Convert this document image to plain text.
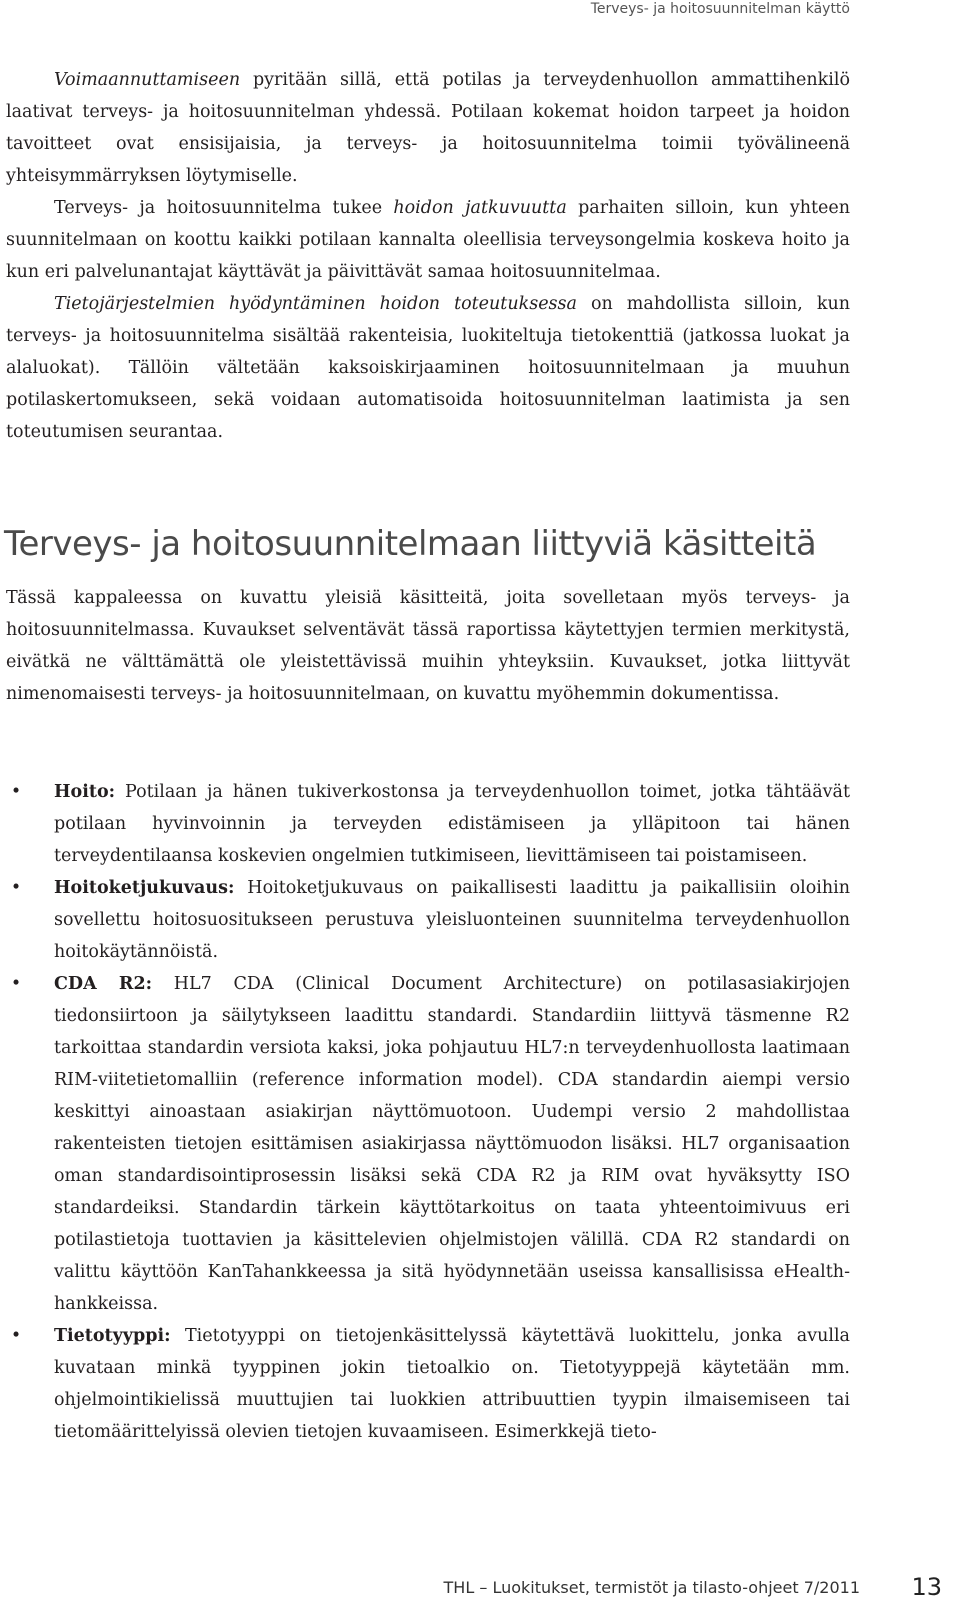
Terveys- ja hoitosuunnitelman käyttö

Voimaannuttamiseen pyritään sillä, että potilas ja terveydenhuollon ammattihenkilö laativat terveys- ja hoitosuunnitelman yhdessä. Potilaan kokemat hoidon tarpeet ja hoidon tavoitteet ovat ensisijaisia, ja terveys- ja hoitosuunnitelma toimii työvälineenä yhteisymmärryksen löytymiselle.

Terveys- ja hoitosuunnitelma tukee hoidon jatkuvuutta parhaiten silloin, kun yhteen suunnitelmaan on koottu kaikki potilaan kannalta oleellisia terveysongelmia koskeva hoito ja kun eri palvelunantajat käyttävät ja päivittävät samaa hoitosuunnitelmaa.

Tietojärjestelmien hyödyntäminen hoidon toteutuksessa on mahdollista silloin, kun terveys- ja hoitosuunnitelma sisältää rakenteisia, luokiteltuja tietokenttiä (jatkossa luokat ja alaluokat). Tällöin vältetään kaksoiskirjaaminen hoitosuunnitelmaan ja muuhun potilaskertomukseen, sekä voidaan automatisoida hoitosuunnitelman laatimista ja sen toteutumisen seurantaa.

Terveys- ja hoitosuunnitelmaan liittyviä käsitteitä

Tässä kappaleessa on kuvattu yleisiä käsitteitä, joita sovelletaan myös terveys- ja hoitosuunnitelmassa. Kuvaukset selventävät tässä raportissa käytettyjen termien merkitystä, eivätkä ne välttämättä ole yleistettävissä muihin yhteyksiin. Kuvaukset, jotka liittyvät nimenomaisesti terveys- ja hoitosuunnitelmaan, on kuvattu myöhemmin dokumentissa.

• Hoito: Potilaan ja hänen tukiverkostonsa ja terveydenhuollon toimet, jotka tähtäävät potilaan hyvinvoinnin ja terveyden edistämiseen ja ylläpitoon tai hänen terveydentilaansa koskevien ongelmien tutkimiseen, lievittämiseen tai poistamiseen.
• Hoitoketjukuvaus: Hoitoketjukuvaus on paikallisesti laadittu ja paikallisiin oloihin sovellettu hoitosuositukseen perustuva yleisluonteinen suunnitelma terveydenhuollon hoitokäytännöistä.
• CDA R2: HL7 CDA (Clinical Document Architecture) on potilasasiakirjojen tiedonsiirtoon ja säilytykseen laadittu standardi. Standardiin liittyvä täsmenne R2 tarkoittaa standardin versiota kaksi, joka pohjautuu HL7:n terveydenhuollosta laatimaan RIM-viitetietomalliin (reference information model). CDA standardin aiempi versio keskittyi ainoastaan asiakirjan näyttömuotoon. Uudempi versio 2 mahdollistaa rakenteisten tietojen esittämisen asiakirjassa näyttömuodon lisäksi. HL7 organisaation oman standardisointiprosessin lisäksi sekä CDA R2 ja RIM ovat hyväksytty ISO standardeiksi. Standardin tärkein käyttötarkoitus on taata yhteentoimivuus eri potilastietoja tuottavien ja käsittelevien ohjelmistojen välillä. CDA R2 standardi on valittu käyttöön KanTahankkeessa ja sitä hyödynnetään useissa kansallisissa eHealth-hankkeissa.
• Tietotyyppi: Tietotyyppi on tietojenkäsittelyssä käytettävä luokittelu, jonka avulla kuvataan minkä tyyppinen jokin tietoalkio on. Tietotyyppejä käytetään mm. ohjelmointikielissä muuttujien tai luokkien attribuuttien tyypin ilmaisemiseen tai tietomäärittelyissä olevien tietojen kuvaamiseen. Esimerkkejä tieto-
THL – Luokitukset, termistöt ja tilasto-ohjeet 7/2011 13
